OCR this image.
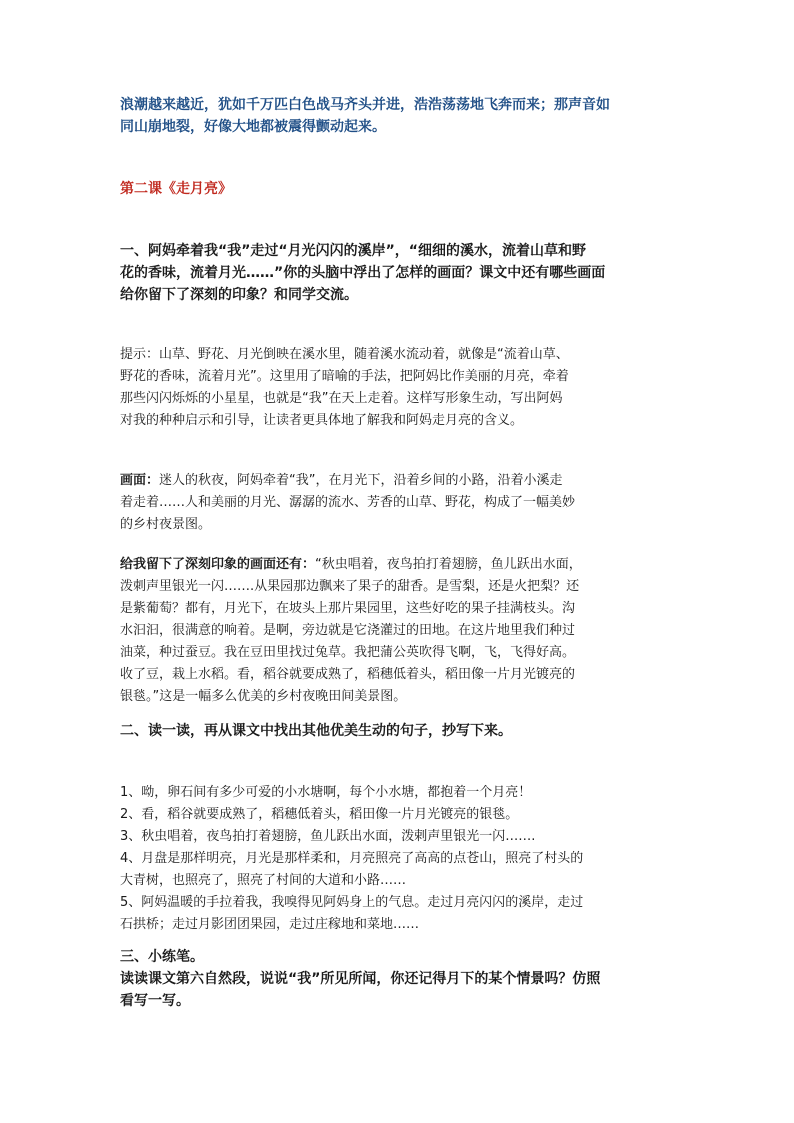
浪潮越来越近，犹如千万匹白色战马齐头并进，浩浩荡荡地飞奔而来；那声音如
同山崩地裂，好像大地都被震得颤动起来。
第二课《走月亮》
一、阿妈牵着我“我”走过“月光闪闪的溪岸”，“细细的溪水，流着山草和野
花的香味，流着月光……”你的头脑中浮出了怎样的画面？课文中还有哪些画面
给你留下了深刻的印象？和同学交流。
提示：山草、野花、月光倒映在溪水里，随着溪水流动着，就像是“流着山草、
野花的香味，流着月光”。这里用了暗喻的手法，把阿妈比作美丽的月亮，牵着
那些闪闪烁烁的小星星，也就是“我”在天上走着。这样写形象生动，写出阿妈
对我的种种启示和引导，让读者更具体地了解我和阿妈走月亮的含义。
画面：迷人的秋夜，阿妈牵着“我”，在月光下，沿着乡间的小路，沿着小溪走
着走着……人和美丽的月光、潺潺的流水、芳香的山草、野花，构成了一幅美妙
的乡村夜景图。
给我留下了深刻印象的画面还有：“秋虫唱着，夜鸟拍打着翅膀，鱼儿跃出水面，
泼刺声里银光一闪…….从果园那边飘来了果子的甜香。是雪梨，还是火把梨？还
是紫葡萄？都有，月光下，在坡头上那片果园里，这些好吃的果子挂满枝头。沟
水汩汩，很满意的响着。是啊，旁边就是它浇灌过的田地。在这片地里我们种过
油菜，种过蚕豆。我在豆田里找过兔草。我把蒲公英吹得飞啊，飞，飞得好高。
收了豆，栽上水稻。看，稻谷就要成熟了，稻穗低着头，稻田像一片月光镀亮的
银毯。”这是一幅多么优美的乡村夜晚田间美景图。
二、读一读，再从课文中找出其他优美生动的句子，抄写下来。
1、呦，卵石间有多少可爱的小水塘啊，每个小水塘，都抱着一个月亮！
2、看，稻谷就要成熟了，稻穗低着头，稻田像一片月光镀亮的银毯。
3、秋虫唱着，夜鸟拍打着翅膀，鱼儿跃出水面，泼剌声里银光一闪…….
4、月盘是那样明亮，月光是那样柔和，月亮照亮了高高的点苍山，照亮了村头的
大青树，也照亮了，照亮了村间的大道和小路……
5、阿妈温暖的手拉着我，我嗅得见阿妈身上的气息。走过月亮闪闪的溪岸，走过
石拱桥；走过月影团团果园，走过庄稼地和菜地……
三、小练笔。
读读课文第六自然段，说说“我”所见所闻，你还记得月下的某个情景吗？仿照
看写一写。
